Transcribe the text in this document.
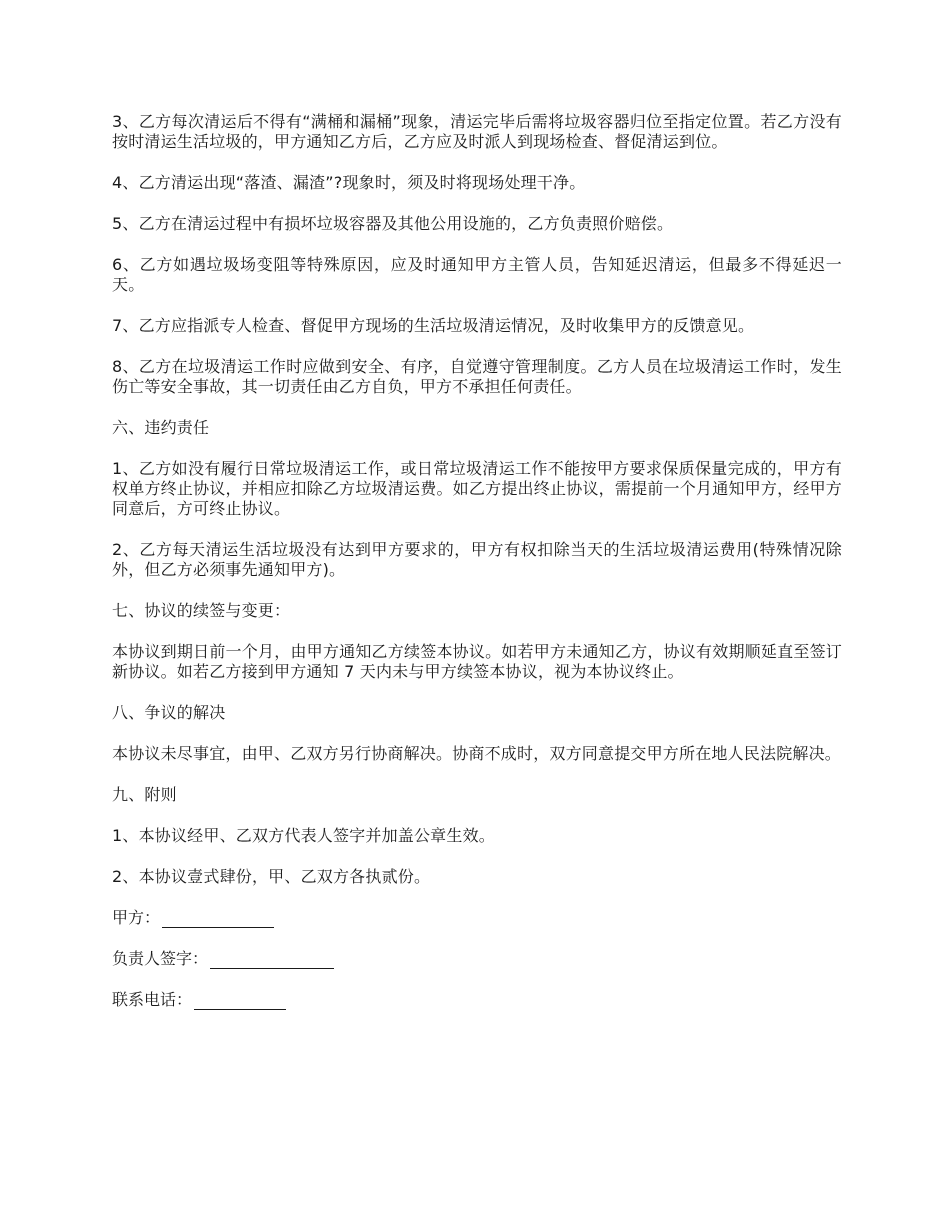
3、乙方每次清运后不得有“满桶和漏桶”现象，清运完毕后需将垃圾容器归位至指定位置。若乙方没有按时清运生活垃圾的，甲方通知乙方后，乙方应及时派人到现场检查、督促清运到位。

4、乙方清运出现“落渣、漏渣”?现象时，须及时将现场处理干净。

5、乙方在清运过程中有损坏垃圾容器及其他公用设施的，乙方负责照价赔偿。

6、乙方如遇垃圾场变阻等特殊原因，应及时通知甲方主管人员，告知延迟清运，但最多不得延迟一天。

7、乙方应指派专人检查、督促甲方现场的生活垃圾清运情况，及时收集甲方的反馈意见。

8、乙方在垃圾清运工作时应做到安全、有序，自觉遵守管理制度。乙方人员在垃圾清运工作时，发生伤亡等安全事故，其一切责任由乙方自负，甲方不承担任何责任。

六、违约责任

1、乙方如没有履行日常垃圾清运工作，或日常垃圾清运工作不能按甲方要求保质保量完成的，甲方有权单方终止协议，并相应扣除乙方垃圾清运费。如乙方提出终止协议，需提前一个月通知甲方，经甲方同意后，方可终止协议。

2、乙方每天清运生活垃圾没有达到甲方要求的，甲方有权扣除当天的生活垃圾清运费用(特殊情况除外，但乙方必须事先通知甲方)。

七、协议的续签与变更：

本协议到期日前一个月，由甲方通知乙方续签本协议。如若甲方未通知乙方，协议有效期顺延直至签订新协议。如若乙方接到甲方通知 7 天内未与甲方续签本协议，视为本协议终止。

八、争议的解决

本协议未尽事宜，由甲、乙双方另行协商解决。协商不成时，双方同意提交甲方所在地人民法院解决。

九、附则

1、本协议经甲、乙双方代表人签字并加盖公章生效。

2、本协议壹式肆份，甲、乙双方各执贰份。

甲方：
负责人签字：
联系电话：
